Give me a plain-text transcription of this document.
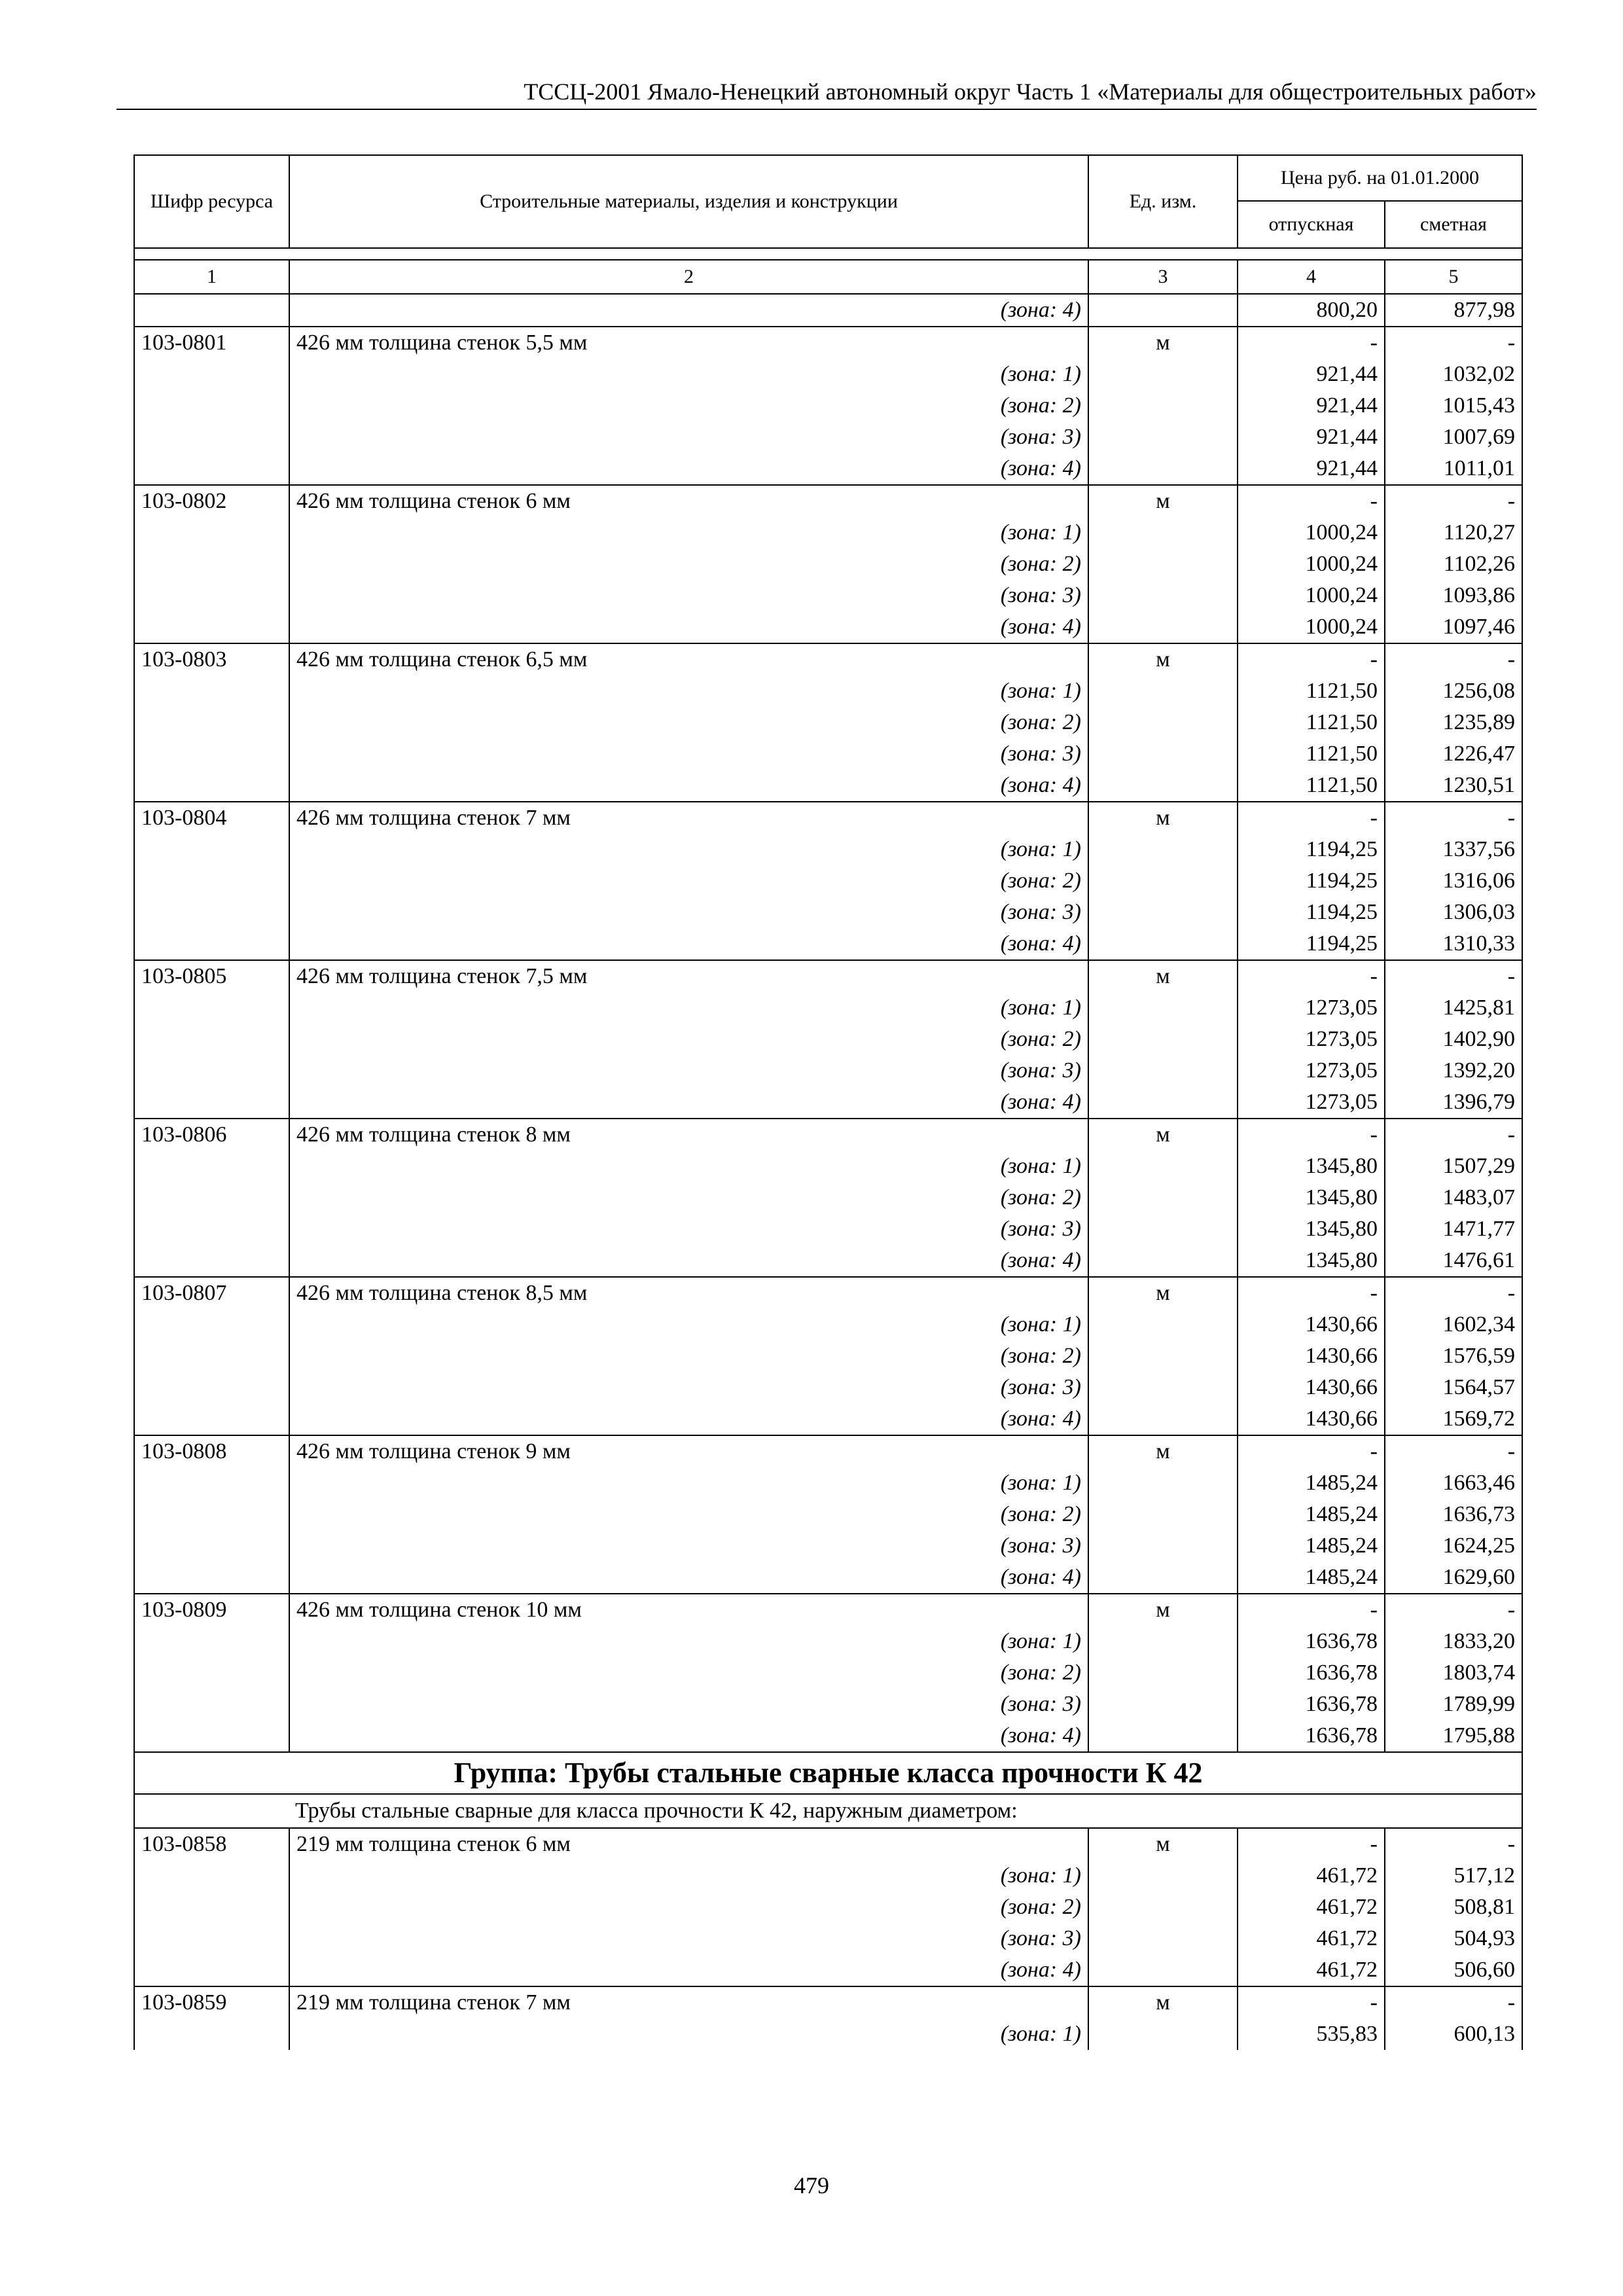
ТССЦ-2001 Ямало-Ненецкий автономный округ Часть 1 «Материалы для общестроительных работ»
Шифр ресурса	Строительные материалы, изделия и конструкции	Ед. изм.	Цена руб. на 01.01.2000	
			отпускная	сметная

1	2	3	4	5
	(зона: 4)		800,20	877,98
103-0801	426 мм толщина стенок 5,5 мм	м	-	-
	(зона: 1)		921,44	1032,02
	(зона: 2)		921,44	1015,43
	(зона: 3)		921,44	1007,69
	(зона: 4)		921,44	1011,01
103-0802	426 мм толщина стенок 6 мм	м	-	-
	(зона: 1)		1000,24	1120,27
	(зона: 2)		1000,24	1102,26
	(зона: 3)		1000,24	1093,86
	(зона: 4)		1000,24	1097,46
103-0803	426 мм толщина стенок 6,5 мм	м	-	-
	(зона: 1)		1121,50	1256,08
	(зона: 2)		1121,50	1235,89
	(зона: 3)		1121,50	1226,47
	(зона: 4)		1121,50	1230,51
103-0804	426 мм толщина стенок 7 мм	м	-	-
	(зона: 1)		1194,25	1337,56
	(зона: 2)		1194,25	1316,06
	(зона: 3)		1194,25	1306,03
	(зона: 4)		1194,25	1310,33
103-0805	426 мм толщина стенок 7,5 мм	м	-	-
	(зона: 1)		1273,05	1425,81
	(зона: 2)		1273,05	1402,90
	(зона: 3)		1273,05	1392,20
	(зона: 4)		1273,05	1396,79
103-0806	426 мм толщина стенок 8 мм	м	-	-
	(зона: 1)		1345,80	1507,29
	(зона: 2)		1345,80	1483,07
	(зона: 3)		1345,80	1471,77
	(зона: 4)		1345,80	1476,61
103-0807	426 мм толщина стенок 8,5 мм	м	-	-
	(зона: 1)		1430,66	1602,34
	(зона: 2)		1430,66	1576,59
	(зона: 3)		1430,66	1564,57
	(зона: 4)		1430,66	1569,72
103-0808	426 мм толщина стенок 9 мм	м	-	-
	(зона: 1)		1485,24	1663,46
	(зона: 2)		1485,24	1636,73
	(зона: 3)		1485,24	1624,25
	(зона: 4)		1485,24	1629,60
103-0809	426 мм толщина стенок 10 мм	м	-	-
	(зона: 1)		1636,78	1833,20
	(зона: 2)		1636,78	1803,74
	(зона: 3)		1636,78	1789,99
	(зона: 4)		1636,78	1795,88
Группа: Трубы стальные сварные класса прочности К 42				
Трубы стальные сварные для класса прочности К 42, наружным диаметром:				
103-0858	219 мм толщина стенок 6 мм	м	-	-
	(зона: 1)		461,72	517,12
	(зона: 2)		461,72	508,81
	(зона: 3)		461,72	504,93
	(зона: 4)		461,72	506,60
103-0859	219 мм толщина стенок 7 мм	м	-	-
	(зона: 1)		535,83	600,13
479
